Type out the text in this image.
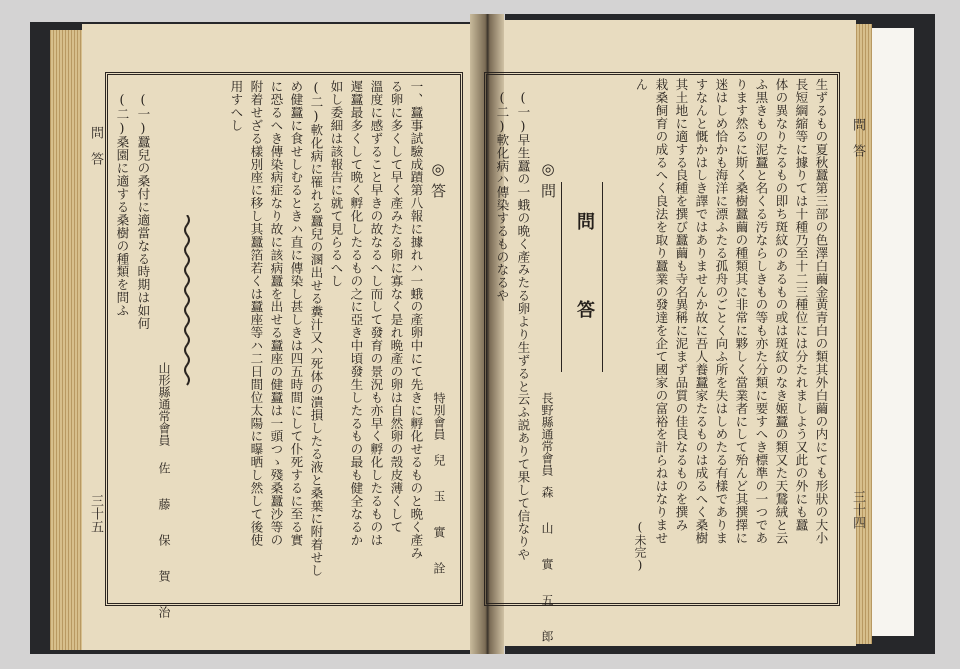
問　答
三十五
特別會員
兒　玉　實　詮
◎答
一、蠶事試驗成蹟第八報に據れハ一蛾の產卵中にて先きに孵化せるものと晩く產み
る卵に多くして早く產みたる卵に寡なく是れ晩產の卵は自然卵の殼皮薄くして
溫度に感ずること早きの故なるへし而して發育の景況も亦早く孵化したるものは
遲蠶最多くして晩く孵化したるもの之に亞き中頃發生したるもの最も健全なるか
如し委細は該報告に就て見らるへし
(二)軟化病に罹れる蠶兒の溷出せる糞汁又ハ死体の潰損したる液と桑葉に附着せし
め健蠶に食せしむるときハ直に傳染し甚しきは四五時間にして仆死するに至る實
に恐るへき傳染病症なり故に該病蠶を出せる蠶座の健蠶は一頭つゝ殘桑蠶沙等の
附着せざる樣別座に移し其蠶箔若くは蠶座等ハ二日間位太陽に曝晒し然して後使
用すへし
山形縣通常會員
佐　藤　保　賀　治
(一)蠶兒の桑付に適當なる時期は如何
(二)桑園に適する桑樹の種類を問ふ	問　答
三十四
生ずるもの夏秋蠶第三部の色澤白繭金黄青白の類其外白繭の内にても形狀の大小
長短綱縮等に據りては十種乃至十二三種位には分たれましよう又此の外にも蠶
体の異なりたるもの即ち斑紋のあるもの或は斑紋のなき姬蠶の類又た天鵞絨と云
ふ黒きもの泥蠶と名くる汚ならしきもの等も亦た分類に要すへき標準の一つであ
ります然るに斯く桑樹蠶繭の種類其に非常に夥しく當業者にして殆んど其撰擇に
迷はしめ恰かも海洋に漂ふたる孤舟のごとく向ふ所を失はしめたる有樣でありま
すなんと慨かはしき譯ではありませんか故に吾人養蠶家たるものは成るへく桑樹
其土地に適する良種を撰び蠶繭も寺名異稱に泥まず品質の佳良なるものを撰み
栽桑飼育の成るへく良法を取り蠶業の發達を企て國家の富裕を計らねはなりませ
ん
(未完)
問　答
◎問
長野縣通常會員
森　山　實　五　郎
(一)早生蠶の一蛾の晩く產みたる卵より生ずると云ふ説ありて果して信なりや
(二)軟化病ハ傳染するものなるや
